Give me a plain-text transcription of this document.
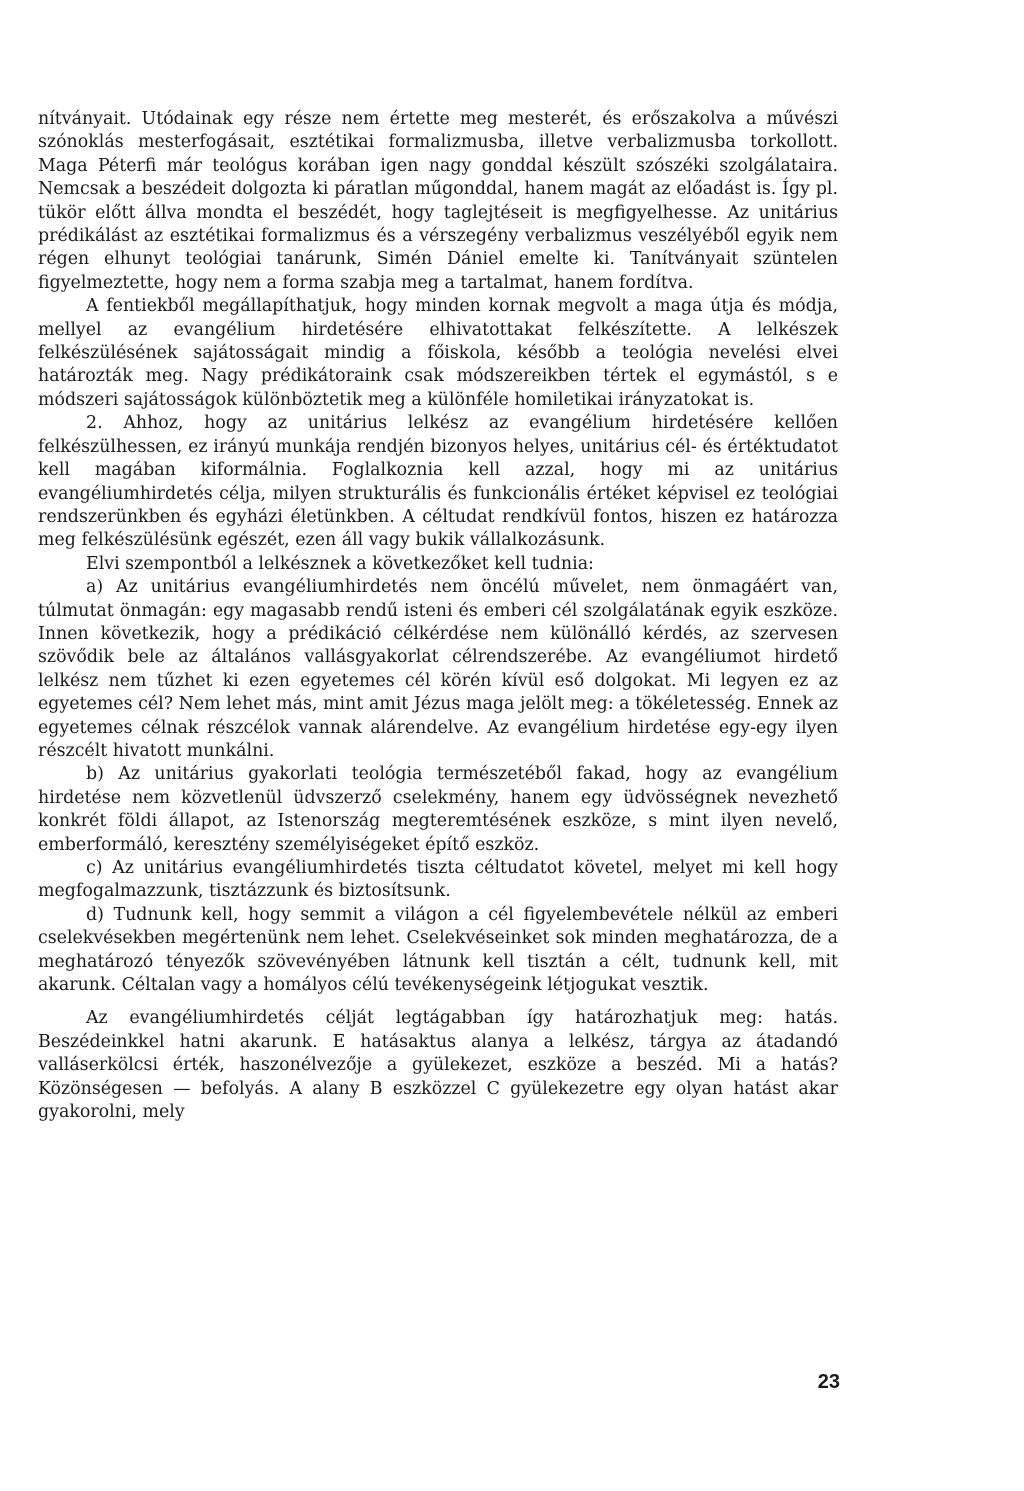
nítványait. Utódainak egy része nem értette meg mesterét, és erőszakolva a művészi szónoklás mesterfogásait, esztétikai formalizmusba, illetve verbalizmusba torkollott. Maga Péterfi már teológus korában igen nagy gonddal készült szószéki szolgálataira. Nemcsak a beszédeit dolgozta ki páratlan műgonddal, hanem magát az előadást is. Így pl. tükör előtt állva mondta el beszédét, hogy taglejtéseit is megfigyelhesse. Az unitárius prédikálást az esztétikai formalizmus és a vérszegény verbalizmus veszélyéből egyik nem régen elhunyt teológiai tanárunk, Simén Dániel emelte ki. Tanítványait szüntelen figyelmeztette, hogy nem a forma szabja meg a tartalmat, hanem fordítva.

A fentiekből megállapíthatjuk, hogy minden kornak megvolt a maga útja és módja, mellyel az evangélium hirdetésére elhivatottakat felkészítette. A lelkészek felkészülésének sajátosságait mindig a főiskola, később a teológia nevelési elvei határozták meg. Nagy prédikátoraink csak módszereikben tértek el egymástól, s e módszeri sajátosságok különböztetik meg a különféle homiletikai irányzatokat is.

2. Ahhoz, hogy az unitárius lelkész az evangélium hirdetésére kellően felkészülhessen, ez irányú munkája rendjén bizonyos helyes, unitárius cél- és értéktudatot kell magában kiformálnia. Foglalkoznia kell azzal, hogy mi az unitárius evangéliumhirdetés célja, milyen strukturális és funkcionális értéket képvisel ez teológiai rendszerünkben és egyházi életünkben. A céltudat rendkívül fontos, hiszen ez határozza meg felkészülésünk egészét, ezen áll vagy bukik vállalkozásunk.

Elvi szempontból a lelkésznek a következőket kell tudnia:

a) Az unitárius evangéliumhirdetés nem öncélú művelet, nem önmagáért van, túlmutat önmagán: egy magasabb rendű isteni és emberi cél szolgálatának egyik eszköze. Innen következik, hogy a prédikáció célkérdése nem különálló kérdés, az szervesen szövődik bele az általános vallásgyakorlat célrendszerébe. Az evangéliumot hirdető lelkész nem tűzhet ki ezen egyetemes cél körén kívül eső dolgokat. Mi legyen ez az egyetemes cél? Nem lehet más, mint amit Jézus maga jelölt meg: a tökéletesség. Ennek az egyetemes célnak részcélok vannak alárendelve. Az evangélium hirdetése egy-egy ilyen részcélt hivatott munkálni.

b) Az unitárius gyakorlati teológia természetéből fakad, hogy az evangélium hirdetése nem közvetlenül üdvszerző cselekmény, hanem egy üdvösségnek nevezhető konkrét földi állapot, az Istenország megteremtésének eszköze, s mint ilyen nevelő, emberformáló, keresztény személyiségeket építő eszköz.

c) Az unitárius evangéliumhirdetés tiszta céltudatot követel, melyet mi kell hogy megfogalmazzunk, tisztázzunk és biztosítsunk.

d) Tudnunk kell, hogy semmit a világon a cél figyelembevétele nélkül az emberi cselekvésekben megértenünk nem lehet. Cselekvéseinket sok minden meghatározza, de a meghatározó tényezők szövevényében látnunk kell tisztán a célt, tudnunk kell, mit akarunk. Céltalan vagy a homályos célú tevékenységeink létjogukat vesztik.

Az evangéliumhirdetés célját legtágabban így határozhatjuk meg: hatás. Beszédeinkkel hatni akarunk. E hatásaktus alanya a lelkész, tárgya az átadandó valláserkölcsi érték, haszonélvezője a gyülekezet, eszköze a beszéd. Mi a hatás? Közönségesen — befolyás. A alany B eszközzel C gyülekezetre egy olyan hatást akar gyakorolni, mely

23
